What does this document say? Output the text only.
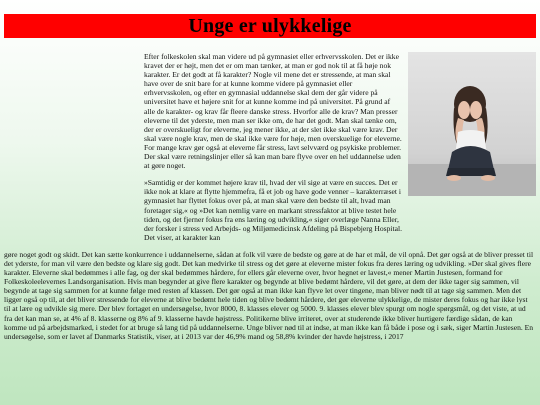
Unge er ulykkelige

Efter folkeskolen skal man videre ud på gymnasiet eller erhvervsskolen. Det er ikke kravet der er højt, men det er om man tænker, at man er god nok til at få høje nok karakter. Er det godt at få karakter? Nogle vil mene det er stressende, at man skal have over de snit bare for at kunne komme videre på gymnasiet eller erhvervsskolen, og efter en gymnasial uddannelse skal dem der går videre på universitet have et højere snit for at kunne komme ind på universitet. På grund af alle de karakter- og krav får fleere danske stress. Hvorfor alle de krav? Man presser eleverne til det yderste, men man ser ikke om, de har det godt. Man skal tænke om, der er overskueligt for eleverne, jeg mener ikke, at der slet ikke skal være krav. Der skal være nogle krav, men de skal ikke være for høje, men overskuelige for eleverne. For mange krav gør også at eleverne får stress, lavt selvværd og psykiske problemer. Der skal være retningslinjer eller så kan man bare flyve over en hel uddannelse uden at gøre noget.

»Samtidig er der kommet højere krav til, hvad der vil sige at være en succes. Det er ikke nok at klare at flytte hjemmefra, få et job og have gode venner – karakterræset i gymnasiet har flyttet fokus over på, at man skal være den bedste til alt, hvad man foretager sig,« og »Det kan nemlig være en markant stressfaktor at blive testet hele tiden, og det fjerner fokus fra ens læring og udvikling,« siger overlæge Nanna Eller, der forsker i stress ved Arbejds- og Miljømedicinsk Afdeling på Bispebjerg Hospital. Det viser, at karakter kan

gøre noget godt og skidt. Det kan sætte konkurrence i uddannelserne, sådan at folk vil være de bedste og gøre at de har et mål, de vil opnå. Det gør også at de bliver presset til det yderste, for man vil være den bedste og klare sig godt. Det kan medvirke til stress og det gøre at eleverne mister fokus fra deres læring og udvikling. »Der skal gives flere karakter. Eleverne skal bedømmes i alle fag, og der skal bedømmes hårdere, for ellers går eleverne over, hvor hegnet er lavest,« mener Martin Justesen, formand for Folkeskoleelevernes Landsorganisation. Hvis man begynder at give flere karakter og begynde at blive bedømt hårdere, vil det gøre, at dem der ikke tager sig sammen, vil begynde at tage sig sammen for at kunne følge med resten af klassen. Det gør også at man ikke kan flyve let over tingene, man bliver nødt til at tage sig sammen. Men det ligger også op til, at det bliver stressende for eleverne at blive bedømt hele tiden og blive bedømt hårdere, det gør eleverne ulykkelige, de mister deres fokus og har ikke lyst til at lære og udvikle sig mere. Der blev fortaget en undersøgelse, hvor 8000, 8. klasses elever og 5000. 9. klasses elever blev spurgt om nogle spørgsmål, og det viste, at ud fra det kan man se, at 4% af 8. klasserne og 8% af 9. klasserne havde højstress. Politikerne blive irriteret, over at studerende ikke bliver hurtigere færdige sådan, de kan komme ud på arbejdsmarked, i stedet for at bruge så lang tid på uddannelserne. Unge bliver nød til at indse, at man ikke kan få både i pose og i sæk, siger Martin Justesen. En undersøgelse, som er lavet af Danmarks Statistik, viser, at i 2013 var der 46,9% mand og 58,8% kvinder der havde højstress, i 2017
